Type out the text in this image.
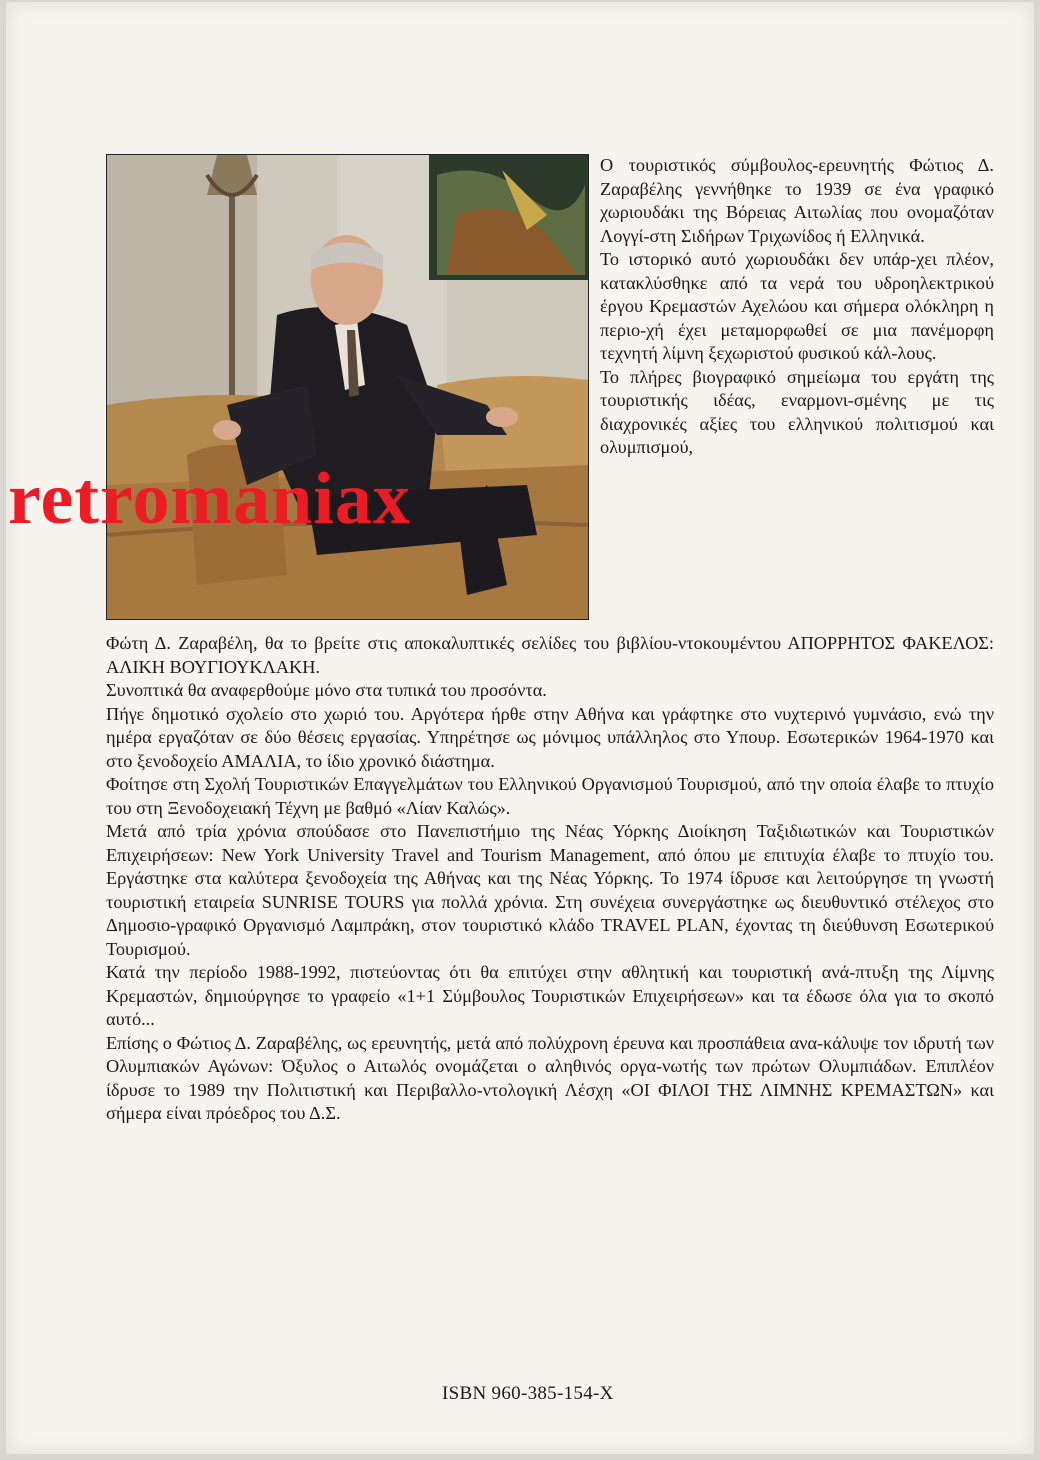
Ο τουριστικός σύμβουλος-ερευνητής Φώτιος Δ. Ζαραβέλης γεννήθηκε το 1939 σε ένα γραφικό χωριουδάκι της Βόρειας Αιτωλίας που ονομαζόταν Λογγί-στη Σιδήρων Τριχωνίδος ή Ελληνικά.

Το ιστορικό αυτό χωριουδάκι δεν υπάρ-χει πλέον, κατακλύσθηκε από τα νερά του υδροηλεκτρικού έργου Κρεμαστών Αχελώου και σήμερα ολόκληρη η περιο-χή έχει μεταμορφωθεί σε μια πανέμορφη τεχνητή λίμνη ξεχωριστού φυσικού κάλ-λους.

Το πλήρες βιογραφικό σημείωμα του εργάτη της τουριστικής ιδέας, εναρμονι-σμένης με τις διαχρονικές αξίες του ελληνικού πολιτισμού και ολυμπισμού,

Φώτη Δ. Ζαραβέλη, θα το βρείτε στις αποκαλυπτικές σελίδες του βιβλίου-ντοκουμέντου ΑΠΟΡΡΗΤΟΣ ΦΑΚΕΛΟΣ: ΑΛΙΚΗ ΒΟΥΓΙΟΥΚΛΑΚΗ.

Συνοπτικά θα αναφερθούμε μόνο στα τυπικά του προσόντα.

Πήγε δημοτικό σχολείο στο χωριό του. Αργότερα ήρθε στην Αθήνα και γράφτηκε στο νυχτερινό γυμνάσιο, ενώ την ημέρα εργαζόταν σε δύο θέσεις εργασίας. Υπηρέτησε ως μόνιμος υπάλληλος στο Υπουρ. Εσωτερικών 1964-1970 και στο ξενοδοχείο ΑΜΑΛΙΑ, το ίδιο χρονικό διάστημα.

Φοίτησε στη Σχολή Τουριστικών Επαγγελμάτων του Ελληνικού Οργανισμού Τουρισμού, από την οποία έλαβε το πτυχίο του στη Ξενοδοχειακή Τέχνη με βαθμό «Λίαν Καλώς».

Μετά από τρία χρόνια σπούδασε στο Πανεπιστήμιο της Νέας Υόρκης Διοίκηση Ταξιδιωτικών και Τουριστικών Επιχειρήσεων: New York University Travel and Tourism Management, από όπου με επιτυχία έλαβε το πτυχίο του. Εργάστηκε στα καλύτερα ξενοδοχεία της Αθήνας και της Νέας Υόρκης. Το 1974 ίδρυσε και λειτούργησε τη γνωστή τουριστική εταιρεία SUNRISE TOURS για πολλά χρόνια. Στη συνέχεια συνεργάστηκε ως διευθυντικό στέλεχος στο Δημοσιο-γραφικό Οργανισμό Λαμπράκη, στον τουριστικό κλάδο TRAVEL PLAN, έχοντας τη διεύθυνση Εσωτερικού Τουρισμού.

Κατά την περίοδο 1988-1992, πιστεύοντας ότι θα επιτύχει στην αθλητική και τουριστική ανά-πτυξη της Λίμνης Κρεμαστών, δημιούργησε το γραφείο «1+1 Σύμβουλος Τουριστικών Επιχειρήσεων» και τα έδωσε όλα για το σκοπό αυτό...

Επίσης ο Φώτιος Δ. Ζαραβέλης, ως ερευνητής, μετά από πολύχρονη έρευνα και προσπάθεια ανα-κάλυψε τον ιδρυτή των Ολυμπιακών Αγώνων: Όξυλος ο Αιτωλός ονομάζεται ο αληθινός οργα-νωτής των πρώτων Ολυμπιάδων. Επιπλέον ίδρυσε το 1989 την Πολιτιστική και Περιβαλλο-ντολογική Λέσχη «ΟΙ ΦΙΛΟΙ ΤΗΣ ΛΙΜΝΗΣ ΚΡΕΜΑΣΤΩΝ» και σήμερα είναι πρόεδρος του Δ.Σ.

ISBN 960-385-154-X
retromaniax
